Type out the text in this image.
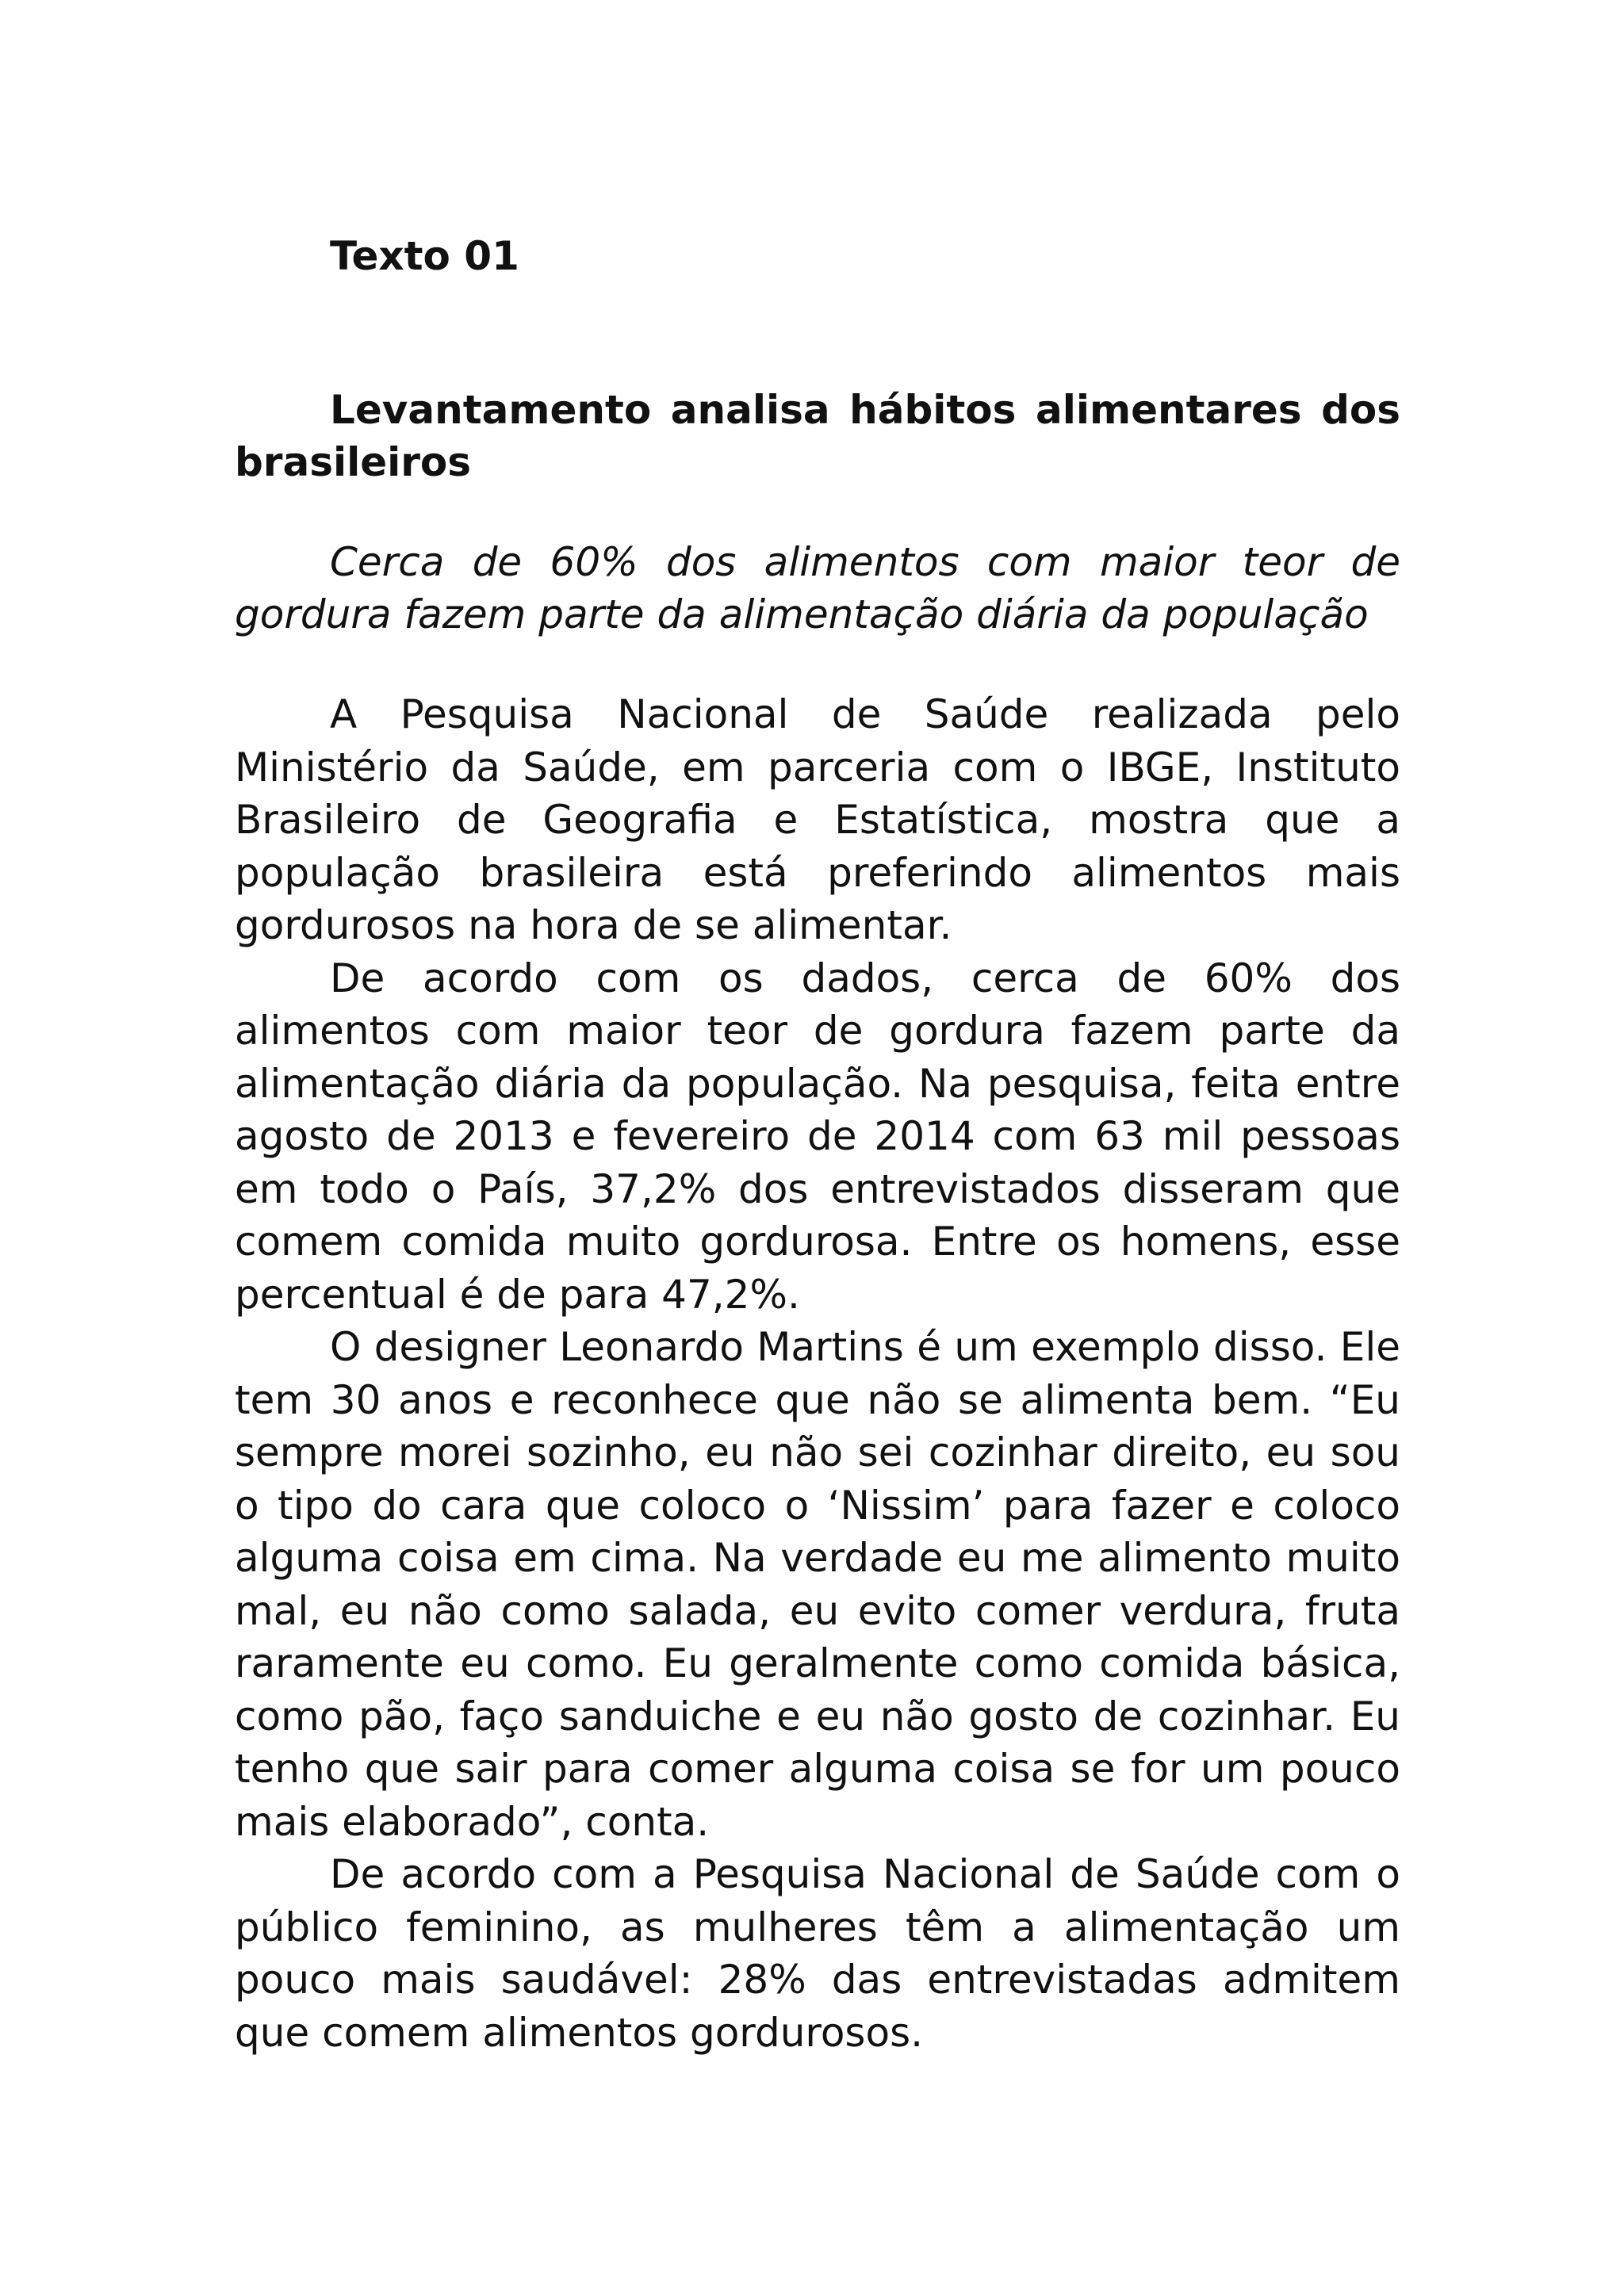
Texto 01

Levantamento analisa hábitos alimentares dos brasileiros

Cerca de 60% dos alimentos com maior teor de gordura fazem parte da alimentação diária da população

A Pesquisa Nacional de Saúde realizada pelo Ministério da Saúde, em parceria com o IBGE, Instituto Brasileiro de Geografia e Estatística, mostra que a população brasileira está preferindo alimentos mais gordurosos na hora de se alimentar.

De acordo com os dados, cerca de 60% dos alimentos com maior teor de gordura fazem parte da alimentação diária da população. Na pesquisa, feita entre agosto de 2013 e fevereiro de 2014 com 63 mil pessoas em todo o País, 37,2% dos entrevistados disseram que comem comida muito gordurosa. Entre os homens, esse percentual é de para 47,2%.

O designer Leonardo Martins é um exemplo disso. Ele tem 30 anos e reconhece que não se alimenta bem. “Eu sempre morei sozinho, eu não sei cozinhar direito, eu sou o tipo do cara que coloco o ‘Nissim’ para fazer e coloco alguma coisa em cima. Na verdade eu me alimento muito mal, eu não como salada, eu evito comer verdura, fruta raramente eu como. Eu geralmente como comida básica, como pão, faço sanduiche e eu não gosto de cozinhar. Eu tenho que sair para comer alguma coisa se for um pouco mais elaborado”, conta.

De acordo com a Pesquisa Nacional de Saúde com o público feminino, as mulheres têm a alimentação um pouco mais saudável: 28% das entrevistadas admitem que comem alimentos gordurosos.
